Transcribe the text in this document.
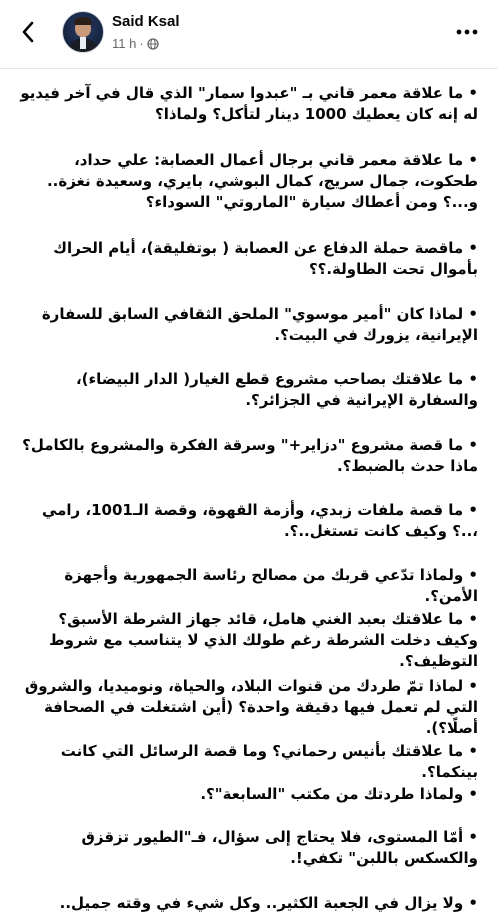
Said Ksal
11 h ·

• ما علاقة معمر قاني بـ "عبدوا سمار" الذي قال في آخر فيديو له إنه كان يعطيك 1000 دينار لتأكل؟ ولماذا؟

• ما علاقة معمر قاني برجال أعمال العصابة: علي حداد، طحكوت، جمال سريج، كمال البوشي، بايري، وسعيدة نغزة.. و...؟ ومن أعطاك سيارة "الماروتي" السوداء؟

• ماقصة حملة الدفاع عن العصابة ( بوتفليقة)، أيام الحراك بأموال تحت الطاولة.؟؟

• لماذا كان "أمير موسوي" الملحق الثقافي السابق للسفارة الإيرانية، يزورك في البيت؟.

• ما علاقتك بصاحب مشروع قطع الغيار( الدار البيضاء)، والسفارة الإيرانية في الجزائر؟.

• ما قصة مشروع "دزاير+" وسرقة الفكرة والمشروع بالكامل؟ ماذا حدث بالضبط؟.

• ما قصة ملفات زبدي، وأزمة القهوة، وقصة الـ1001، رامي ،..؟ وكيف كانت تستغل..؟.

• ولماذا تدّعي قربك من مصالح رئاسة الجمهورية وأجهزة الأمن؟.

• ما علاقتك بعبد الغني هامل، قائد جهاز الشرطة الأسبق؟ وكيف دخلت الشرطة رغم طولك الذي لا يتناسب مع شروط التوظيف؟.

• لماذا تمّ طردك من قنوات البلاد، والحياة، ونوميديا، والشروق التي لم تعمل فيها دقيقة واحدة؟ (أين اشتغلت في الصحافة أصلًا؟).

• ما علاقتك بأنيس رحماني؟ وما قصة الرسائل التي كانت بينكما؟.

• ولماذا طردتك من مكتب "السابعة"؟.

• أمّا المستوى، فلا يحتاج إلى سؤال، فـ"الطيور تزقزق والكسكس باللبن" تكفي!.

• ولا يزال في الجعبة الكثير.. وكل شيء في وقته جميل..
